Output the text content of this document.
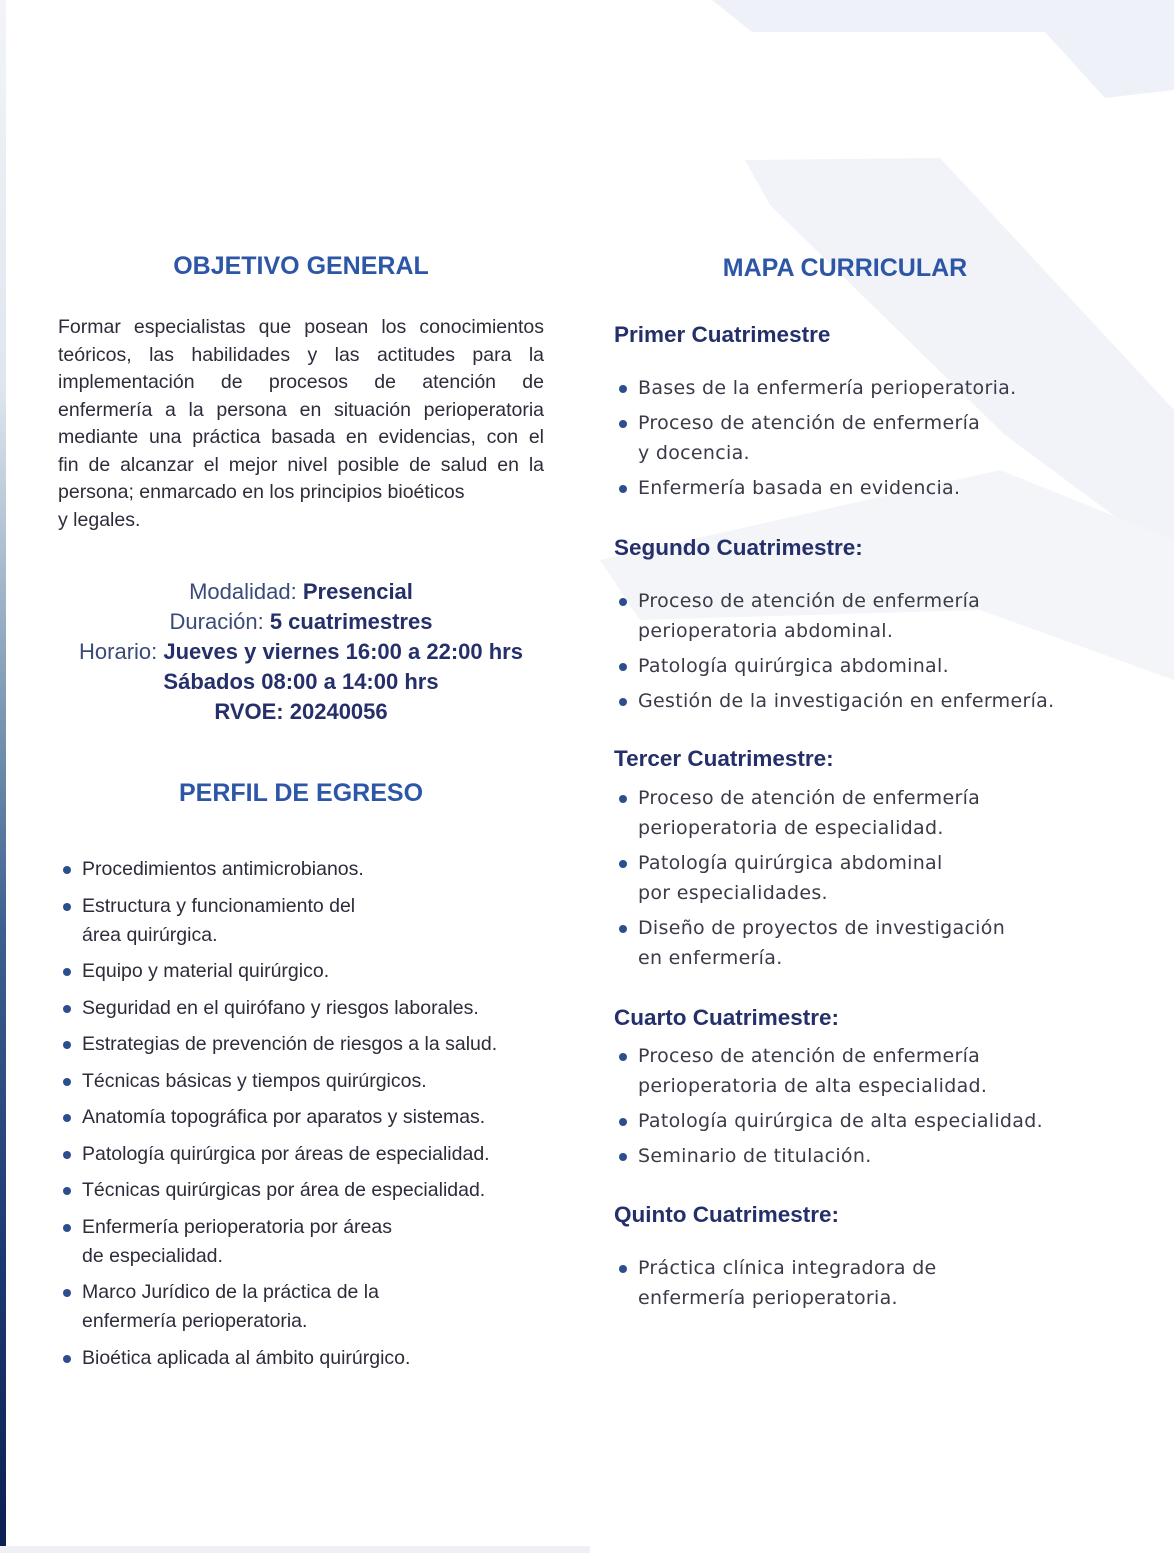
OBJETIVO GENERAL
Formar especialistas que posean los conocimientos
teóricos, las habilidades y las actitudes para la
implementación de procesos de atención de
enfermería a la persona en situación perioperatoria
mediante una práctica basada en evidencias, con el
fin de alcanzar el mejor nivel posible de salud en la
persona; enmarcado en los principios bioéticos
y legales.
Modalidad: Presencial
Duración: 5 cuatrimestres
Horario: Jueves y viernes 16:00 a 22:00 hrs
Sábados 08:00 a 14:00 hrs
RVOE: 20240056
PERFIL DE EGRESO
Procedimientos antimicrobianos.
Estructura y funcionamiento del
área quirúrgica.
Equipo y material quirúrgico.
Seguridad en el quirófano y riesgos laborales.
Estrategias de prevención de riesgos a la salud.
Técnicas básicas y tiempos quirúrgicos.
Anatomía topográfica por aparatos y sistemas.
Patología quirúrgica por áreas de especialidad.
Técnicas quirúrgicas por área de especialidad.
Enfermería perioperatoria por áreas
de especialidad.
Marco Jurídico de la práctica de la
enfermería perioperatoria.
Bioética aplicada al ámbito quirúrgico.
MAPA CURRICULAR
Primer Cuatrimestre
Bases de la enfermería perioperatoria.
Proceso de atención de enfermería
y docencia.
Enfermería basada en evidencia.
Segundo Cuatrimestre:
Proceso de atención de enfermería
perioperatoria abdominal.
Patología quirúrgica abdominal.
Gestión de la investigación en enfermería.
Tercer Cuatrimestre:
Proceso de atención de enfermería
perioperatoria de especialidad.
Patología quirúrgica abdominal
por especialidades.
Diseño de proyectos de investigación
en enfermería.
Cuarto Cuatrimestre:
Proceso de atención de enfermería
perioperatoria de alta especialidad.
Patología quirúrgica de alta especialidad.
Seminario de titulación.
Quinto Cuatrimestre:
Práctica clínica integradora de
enfermería perioperatoria.
